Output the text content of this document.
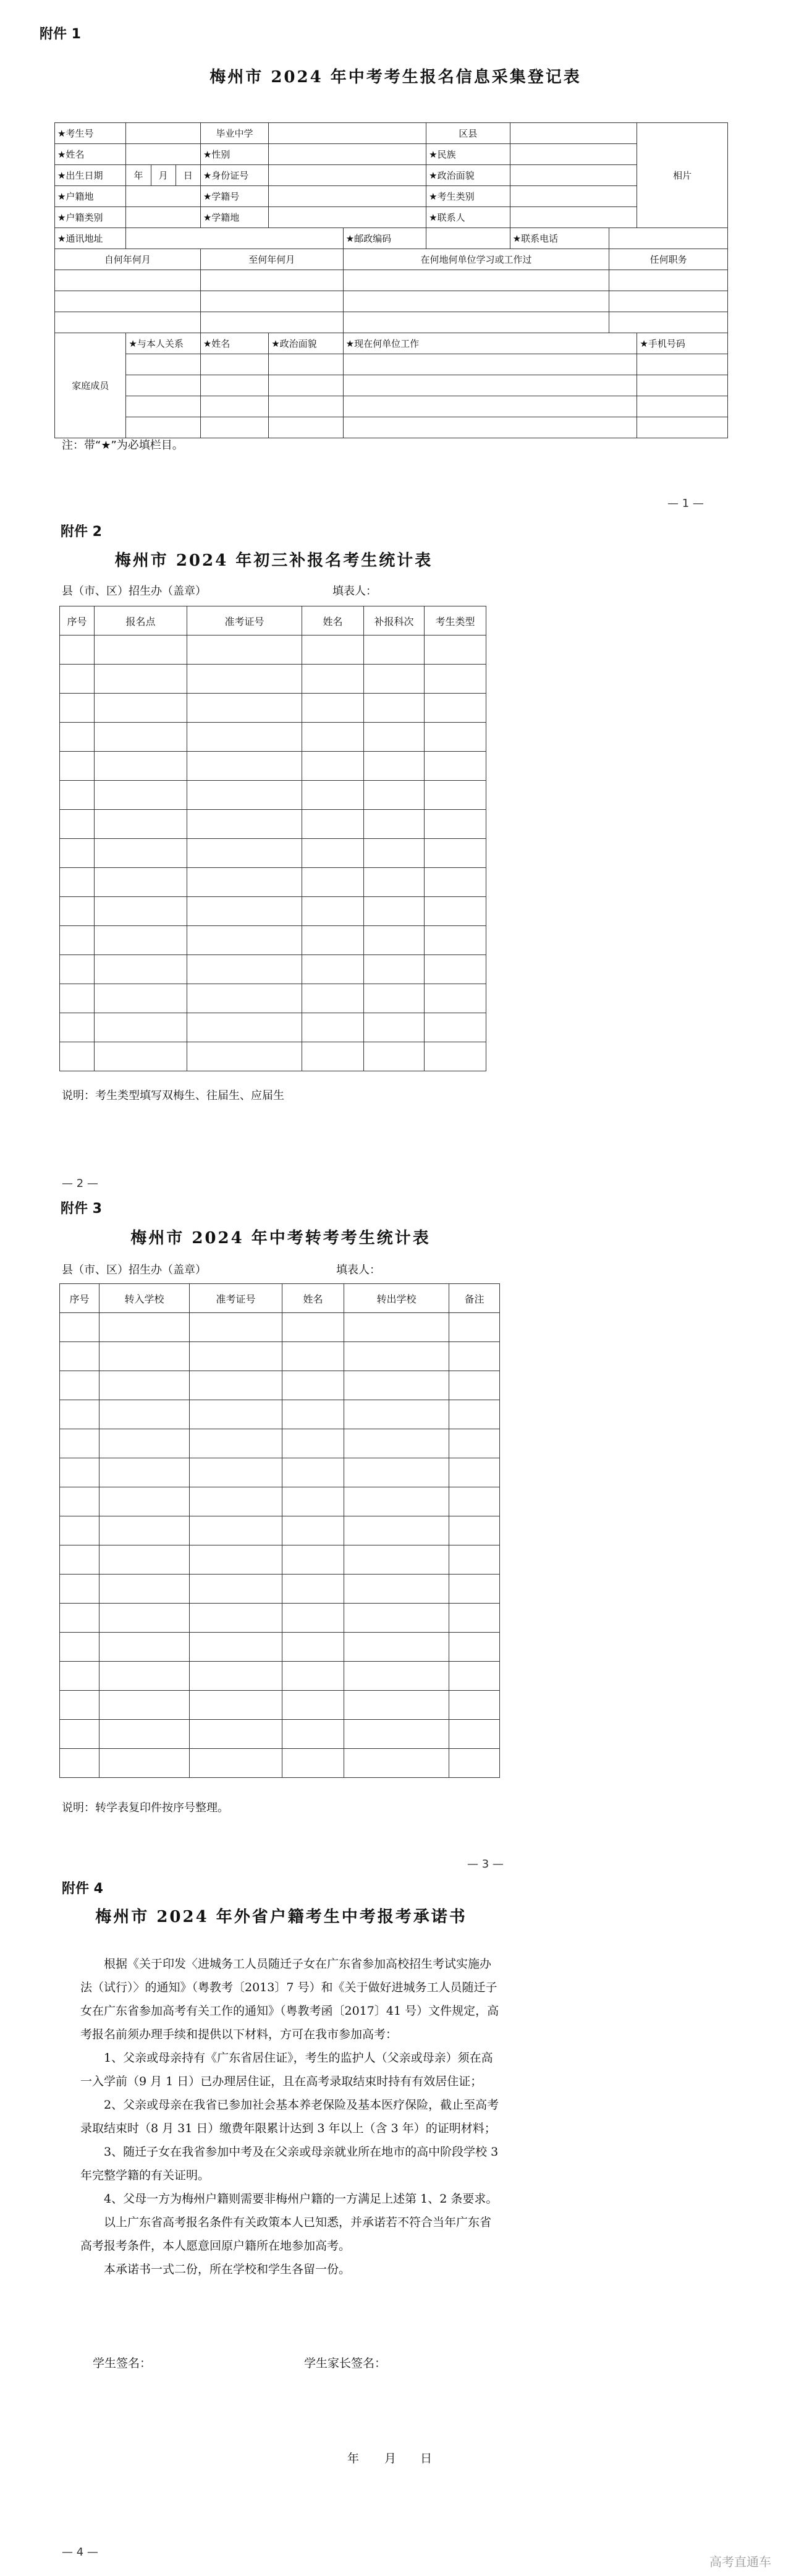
附件 1
梅州市 2024 年中考考生报名信息采集登记表
★考生号				毕业中学			区县			相片
★姓名				★性别			★民族			
★出生日期	年	月	日	★身份证号			★政治面貌			
★户籍地				★学籍号			★考生类别			
★户籍类别				★学籍地			★联系人			
★通讯地址						★邮政编码		★联系电话		
自何年何月				至何年何月		在何地何单位学习或工作过			任何职务	

家庭成员	★与本人关系			★姓名	★政治面貌	★现在何单位工作				★手机号码

注：带“★”为必填栏目。
— 1 —
附件 2
梅州市 2024 年初三补报名考生统计表
县（市、区）招生办（盖章）	填表人：
序号	报名点	准考证号	姓名	补报科次	考生类型

说明：考生类型填写双梅生、往届生、应届生
— 2 —
附件 3
梅州市 2024 年中考转考考生统计表
县（市、区）招生办（盖章）	填表人：
序号	转入学校	准考证号	姓名	转出学校	备注

说明：转学表复印件按序号整理。
— 3 —
附件 4
梅州市 2024 年外省户籍考生中考报考承诺书

根据《关于印发〈进城务工人员随迁子女在广东省参加高校招生考试实施办法（试行）〉的通知》（粤教考〔2013〕7 号）和《关于做好进城务工人员随迁子女在广东省参加高考有关工作的通知》（粤教考函〔2017〕41 号）文件规定，高考报名前须办理手续和提供以下材料，方可在我市参加高考：

1、父亲或母亲持有《广东省居住证》，考生的监护人（父亲或母亲）须在高一入学前（9 月 1 日）已办理居住证，且在高考录取结束时持有有效居住证；

2、父亲或母亲在我省已参加社会基本养老保险及基本医疗保险，截止至高考录取结束时（8 月 31 日）缴费年限累计达到 3 年以上（含 3 年）的证明材料；

3、随迁子女在我省参加中考及在父亲或母亲就业所在地市的高中阶段学校 3 年完整学籍的有关证明。

4、父母一方为梅州户籍则需要非梅州户籍的一方满足上述第 1、2 条要求。

以上广东省高考报名条件有关政策本人已知悉，并承诺若不符合当年广东省高考报考条件，本人愿意回原户籍所在地参加高考。

本承诺书一式二份，所在学校和学生各留一份。

学生签名：	学生家长签名：
年 月 日
— 4 —
高考直通车
